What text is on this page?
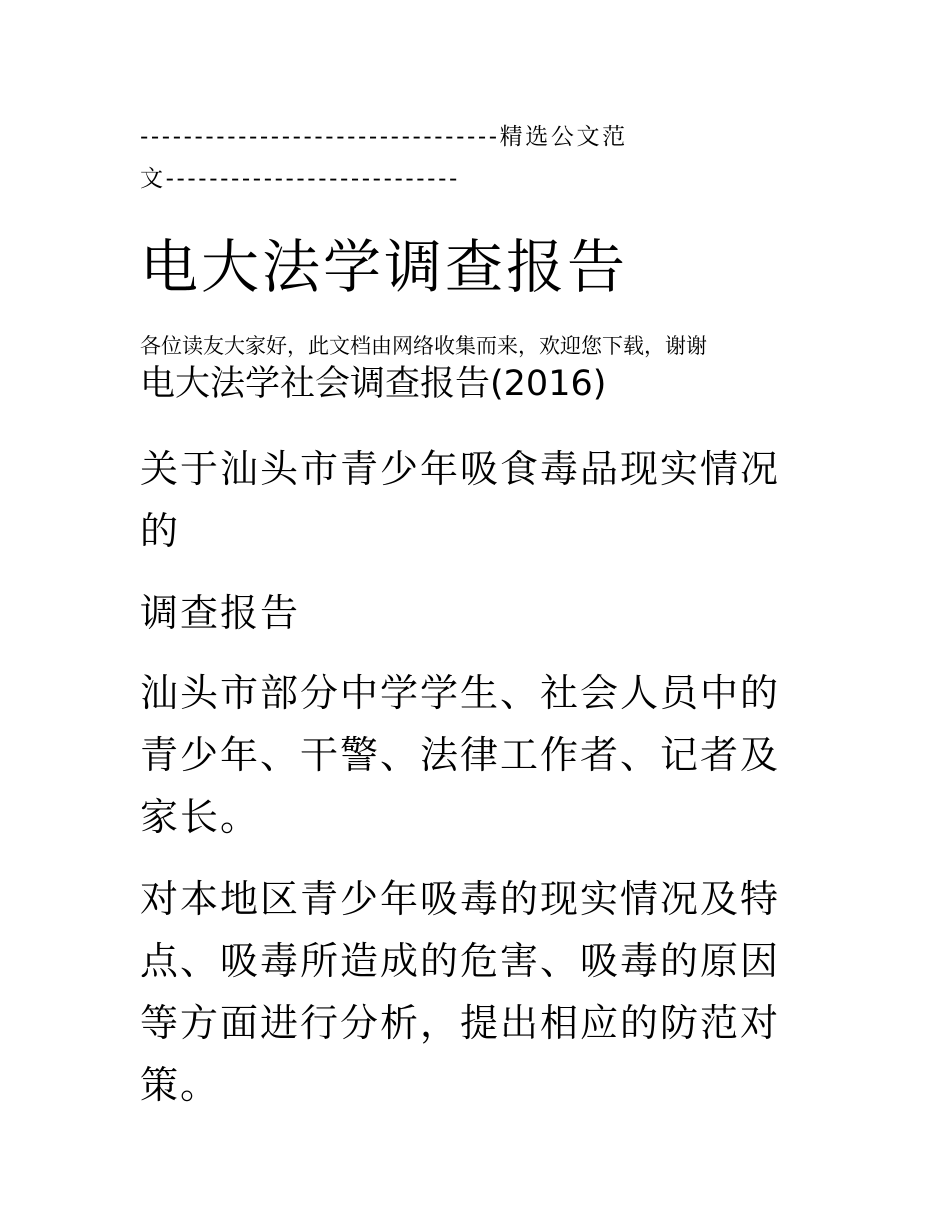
---------------------------------精选公文范
文---------------------------
电大法学调查报告
各位读友大家好，此文档由网络收集而来，欢迎您下载，谢谢
电大法学社会调查报告(2016)
关于汕头市青少年吸食毒品现实情况的
调查报告
汕头市部分中学学生、社会人员中的青少年、干警、法律工作者、记者及家长。
对本地区青少年吸毒的现实情况及特点、吸毒所造成的危害、吸毒的原因等方面进行分析，提出相应的防范对策。
